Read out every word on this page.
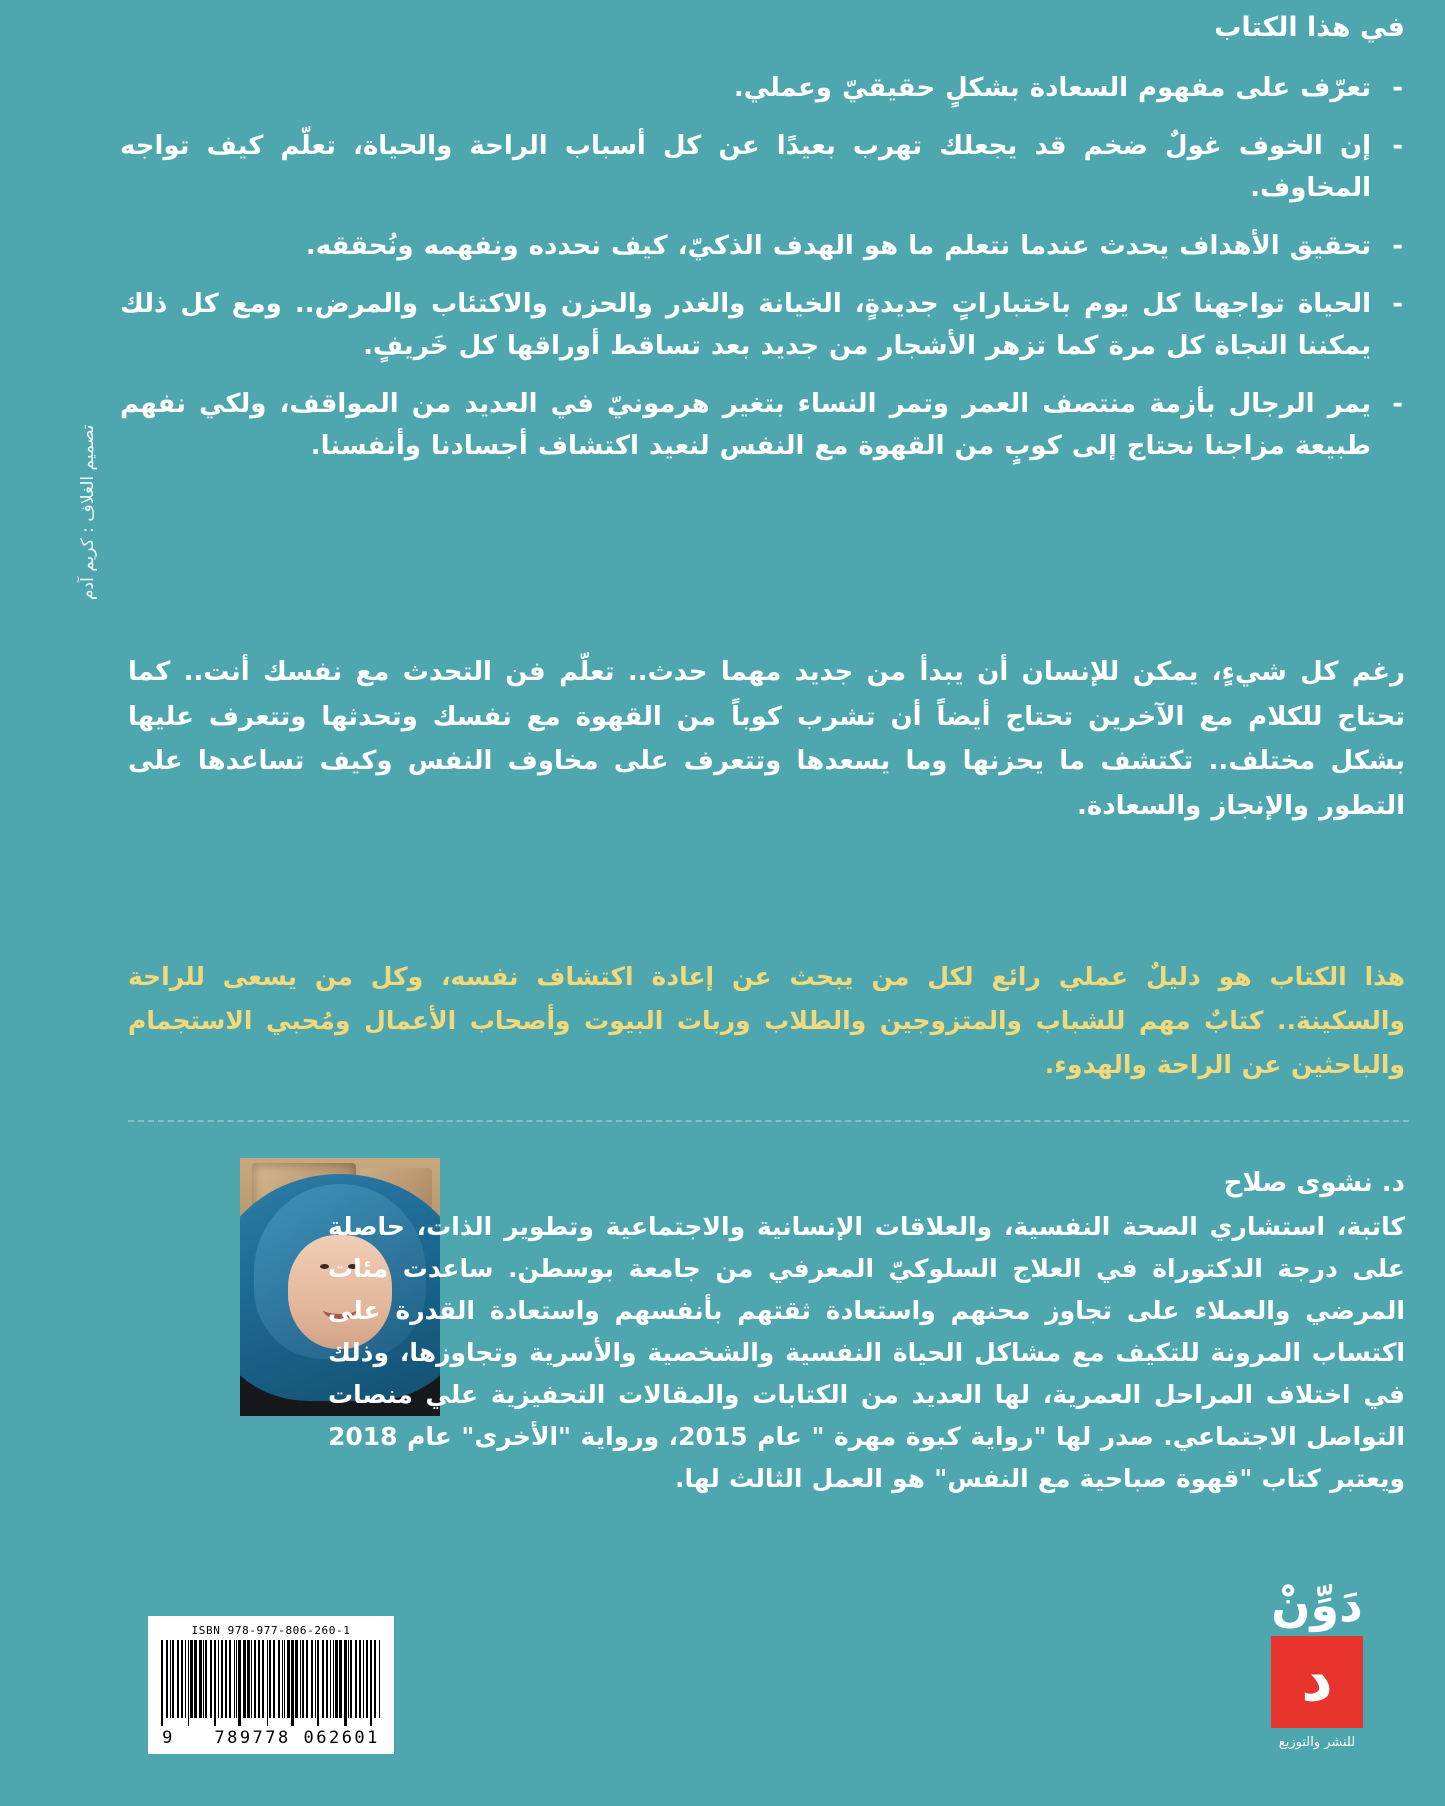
في هذا الكتاب
-
تعرّف على مفهوم السعادة بشكلٍ حقيقيّ وعملي.
-
إن الخوف غولٌ ضخم قد يجعلك تهرب بعيدًا عن كل أسباب الراحة والحياة، تعلّم كيف تواجه المخاوف.
-
تحقيق الأهداف يحدث عندما نتعلم ما هو الهدف الذكيّ، كيف نحدده ونفهمه ونُحققه.
-
الحياة تواجهنا كل يوم باختباراتٍ جديدةٍ، الخيانة والغدر والحزن والاكتئاب والمرض.. ومع كل ذلك يمكننا النجاة كل مرة كما تزهر الأشجار من جديد بعد تساقط أوراقها كل خَريفٍ.
-
يمر الرجال بأزمة منتصف العمر وتمر النساء بتغير هرمونيّ في العديد من المواقف، ولكي نفهم طبيعة مزاجنا نحتاج إلى كوبٍ من القهوة مع النفس لنعيد اكتشاف أجسادنا وأنفسنا.
رغم كل شيءٍ، يمكن للإنسان أن يبدأ من جديد مهما حدث.. تعلّم فن التحدث مع نفسك أنت.. كما تحتاج للكلام مع الآخرين تحتاج أيضاً أن تشرب كوباً من القهوة مع نفسك وتحدثها وتتعرف عليها بشكل مختلف.. تكتشف ما يحزنها وما يسعدها وتتعرف على مخاوف النفس وكيف تساعدها على التطور والإنجاز والسعادة.
هذا الكتاب هو دليلٌ عملي رائع لكل من يبحث عن إعادة اكتشاف نفسه، وكل من يسعى للراحة والسكينة.. كتابٌ مهم للشباب والمتزوجين والطلاب وربات البيوت وأصحاب الأعمال ومُحبي الاستجمام والباحثين عن الراحة والهدوء.
تصميم الغلاف : كريم آدم
د. نشوى صلاح
كاتبة، استشاري الصحة النفسية، والعلاقات الإنسانية والاجتماعية وتطوير الذات، حاصلة على درجة الدكتوراة في العلاج السلوكيّ المعرفي من جامعة بوسطن. ساعدت مئات المرضي والعملاء على تجاوز محنهم واستعادة ثقتهم بأنفسهم واستعادة القدرة على اكتساب المرونة للتكيف مع مشاكل الحياة النفسية والشخصية والأسرية وتجاوزها، وذلك في اختلاف المراحل العمرية، لها العديد من الكتابات والمقالات التحفيزية علي منصات التواصل الاجتماعي. صدر لها "رواية كبوة مهرة " عام 2015، ورواية "الأخرى" عام 2018 ويعتبر كتاب "قهوة صباحية مع النفس" هو العمل الثالث لها.
دَوِّنْ
د
للنشر والتوزيع
ISBN 978-977-806-260-1
9 789778 062601
